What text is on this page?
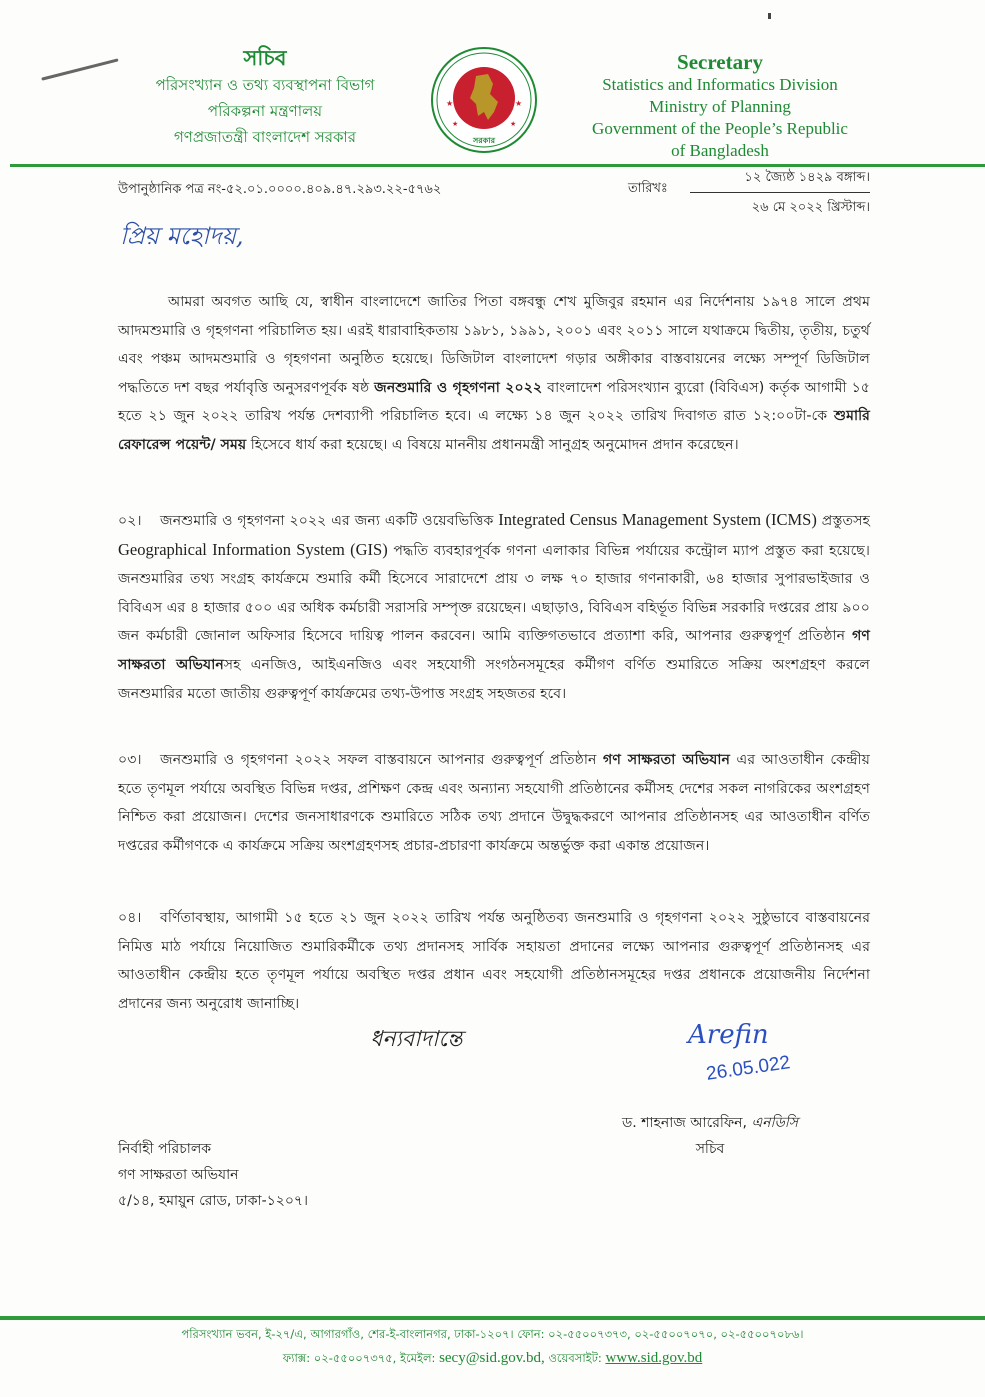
সচিব
পরিসংখ্যান ও তথ্য ব্যবস্থাপনা বিভাগ
পরিকল্পনা মন্ত্রণালয়
গণপ্রজাতন্ত্রী বাংলাদেশ সরকার
★	★
★	★
সরকার
Secretary
Statistics and Informatics Division
Ministry of Planning
Government of the People’s Republic
of Bangladesh
উপানুষ্ঠানিক পত্র নং-৫২.০১.০০০০.৪০৯.৪৭.২৯৩.২২-৫৭৬২	তারিখঃ
১২ জ্যৈষ্ঠ ১৪২৯ বঙ্গাব্দ।
২৬ মে ২০২২ খ্রিস্টাব্দ।
প্রিয় মহোদয়,
আমরা অবগত আছি যে, স্বাধীন বাংলাদেশে জাতির পিতা বঙ্গবন্ধু শেখ মুজিবুর রহমান এর নির্দেশনায় ১৯৭৪ সালে প্রথম আদমশুমারি ও গৃহগণনা পরিচালিত হয়। এরই ধারাবাহিকতায় ১৯৮১, ১৯৯১, ২০০১ এবং ২০১১ সালে যথাক্রমে দ্বিতীয়, তৃতীয়, চতুর্থ এবং পঞ্চম আদমশুমারি ও গৃহগণনা অনুষ্ঠিত হয়েছে। ডিজিটাল বাংলাদেশ গড়ার অঙ্গীকার বাস্তবায়নের লক্ষ্যে সম্পূর্ণ ডিজিটাল পদ্ধতিতে দশ বছর পর্যাবৃত্তি অনুসরণপূর্বক ষষ্ঠ জনশুমারি ও গৃহগণনা ২০২২ বাংলাদেশ পরিসংখ্যান ব্যুরো (বিবিএস) কর্তৃক আগামী ১৫ হতে ২১ জুন ২০২২ তারিখ পর্যন্ত দেশব্যাপী পরিচালিত হবে। এ লক্ষ্যে ১৪ জুন ২০২২ তারিখ দিবাগত রাত ১২:০০টা-কে শুমারি রেফারেন্স পয়েন্ট/ সময় হিসেবে ধার্য করা হয়েছে। এ বিষয়ে মাননীয় প্রধানমন্ত্রী সানুগ্রহ অনুমোদন প্রদান করেছেন।
০২। জনশুমারি ও গৃহগণনা ২০২২ এর জন্য একটি ওয়েবভিত্তিক Integrated Census Management System (ICMS) প্রস্তুতসহ Geographical Information System (GIS) পদ্ধতি ব্যবহারপূর্বক গণনা এলাকার বিভিন্ন পর্যায়ের কন্ট্রোল ম্যাপ প্রস্তুত করা হয়েছে। জনশুমারির তথ্য সংগ্রহ কার্যক্রমে শুমারি কর্মী হিসেবে সারাদেশে প্রায় ৩ লক্ষ ৭০ হাজার গণনাকারী, ৬৪ হাজার সুপারভাইজার ও বিবিএস এর ৪ হাজার ৫০০ এর অধিক কর্মচারী সরাসরি সম্পৃক্ত রয়েছেন। এছাড়াও, বিবিএস বহির্ভূত বিভিন্ন সরকারি দপ্তরের প্রায় ৯০০ জন কর্মচারী জোনাল অফিসার হিসেবে দায়িত্ব পালন করবেন। আমি ব্যক্তিগতভাবে প্রত্যাশা করি, আপনার গুরুত্বপূর্ণ প্রতিষ্ঠান গণ সাক্ষরতা অভিযানসহ এনজিও, আইএনজিও এবং সহযোগী সংগঠনসমূহের কর্মীগণ বর্ণিত শুমারিতে সক্রিয় অংশগ্রহণ করলে জনশুমারির মতো জাতীয় গুরুত্বপূর্ণ কার্যক্রমের তথ্য-উপাত্ত সংগ্রহ সহজতর হবে।
০৩। জনশুমারি ও গৃহগণনা ২০২২ সফল বাস্তবায়নে আপনার গুরুত্বপূর্ণ প্রতিষ্ঠান গণ সাক্ষরতা অভিযান এর আওতাধীন কেন্দ্রীয় হতে তৃণমূল পর্যায়ে অবস্থিত বিভিন্ন দপ্তর, প্রশিক্ষণ কেন্দ্র এবং অন্যান্য সহযোগী প্রতিষ্ঠানের কর্মীসহ দেশের সকল নাগরিকের অংশগ্রহণ নিশ্চিত করা প্রয়োজন। দেশের জনসাধারণকে শুমারিতে সঠিক তথ্য প্রদানে উদ্বুদ্ধকরণে আপনার প্রতিষ্ঠানসহ এর আওতাধীন বর্ণিত দপ্তরের কর্মীগণকে এ কার্যক্রমে সক্রিয় অংশগ্রহণসহ প্রচার-প্রচারণা কার্যক্রমে অন্তর্ভুক্ত করা একান্ত প্রয়োজন।
০৪। বর্ণিতাবস্থায়, আগামী ১৫ হতে ২১ জুন ২০২২ তারিখ পর্যন্ত অনুষ্ঠিতব্য জনশুমারি ও গৃহগণনা ২০২২ সুষ্ঠুভাবে বাস্তবায়নের নিমিত্ত মাঠ পর্যায়ে নিয়োজিত শুমারিকর্মীকে তথ্য প্রদানসহ সার্বিক সহায়তা প্রদানের লক্ষ্যে আপনার গুরুত্বপূর্ণ প্রতিষ্ঠানসহ এর আওতাধীন কেন্দ্রীয় হতে তৃণমূল পর্যায়ে অবস্থিত দপ্তর প্রধান এবং সহযোগী প্রতিষ্ঠানসমূহের দপ্তর প্রধানকে প্রয়োজনীয় নির্দেশনা প্রদানের জন্য অনুরোধ জানাচ্ছি।
ধন্যবাদান্তে	Arefin
26.05.022
ড. শাহনাজ আরেফিন, এনডিসি
সচিব
নির্বাহী পরিচালক
গণ সাক্ষরতা অভিযান
৫/১৪, হমায়ুন রোড, ঢাকা-১২০৭।
পরিসংখ্যান ভবন, ই-২৭/এ, আগারগাঁও, শের-ই-বাংলানগর, ঢাকা-১২০৭। ফোন: ০২-৫৫০০৭৩৭৩, ০২-৫৫০০৭০৭০, ০২-৫৫০০৭০৮৬।
ফ্যাক্স: ০২-৫৫০০৭৩৭৫, ইমেইল: secy@sid.gov.bd, ওয়েবসাইট: www.sid.gov.bd
